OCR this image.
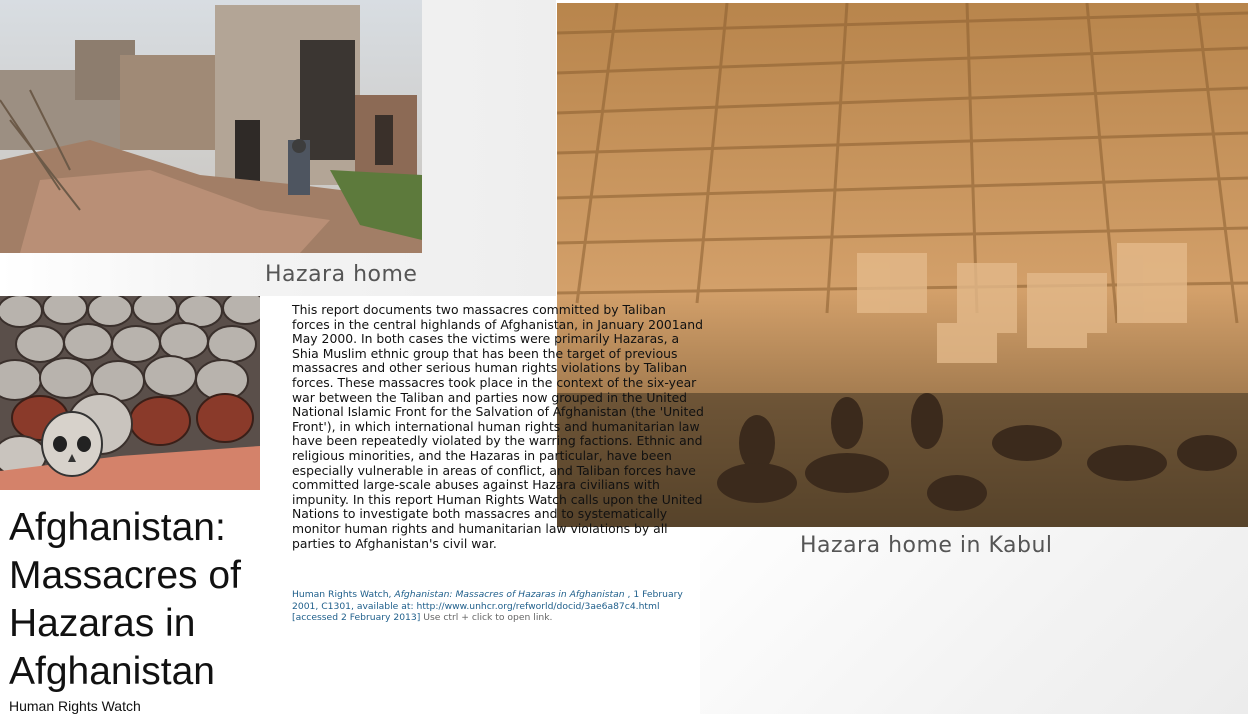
Hazara home
Hazara home in Kabul
This report documents two massacres committed by Taliban forces in the central highlands of Afghanistan, in January 2001and May 2000. In both cases the victims were primarily Hazaras, a Shia Muslim ethnic group that has been the target of previous massacres and other serious human rights violations by Taliban forces. These massacres took place in the context of the six-year war between the Taliban and parties now grouped in the United National Islamic Front for the Salvation of Afghanistan (the 'United Front'), in which international human rights and humanitarian law have been repeatedly violated by the warring factions. Ethnic and religious minorities, and the Hazaras in particular, have been especially vulnerable in areas of conflict, and Taliban forces have committed large-scale abuses against Hazara civilians with impunity. In this report Human Rights Watch calls upon the United Nations to investigate both massacres and to systematically monitor human rights and humanitarian law violations by all parties to Afghanistan's civil war.
Human Rights Watch, Afghanistan: Massacres of Hazaras in Afghanistan , 1 February 2001, C1301, available at: http://www.unhcr.org/refworld/docid/3ae6a87c4.html [accessed 2 February 2013] Use ctrl + click to open link.
Afghanistan:
Massacres of
Hazaras in
Afghanistan
Human Rights Watch
